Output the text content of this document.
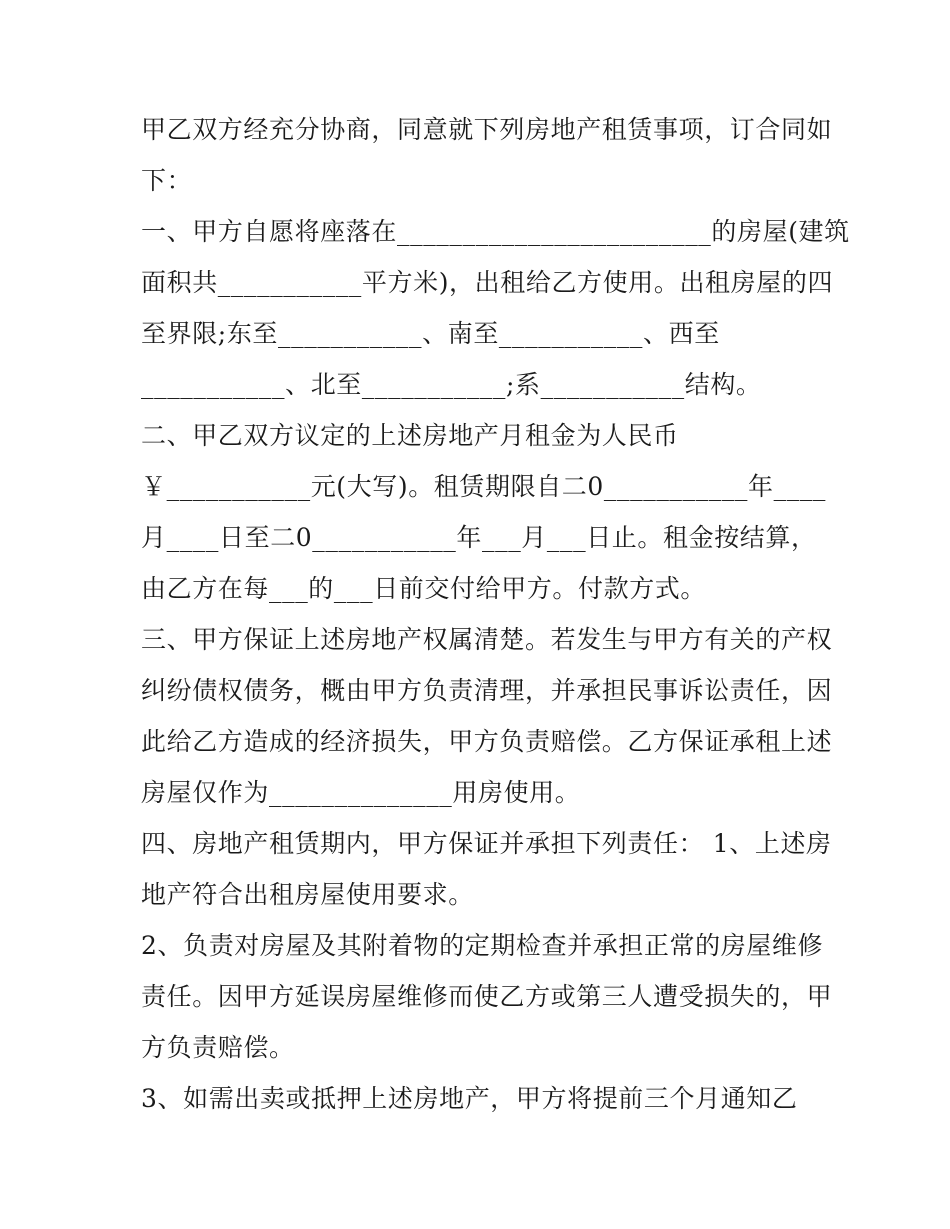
甲乙双方经充分协商，同意就下列房地产租赁事项，订合同如
下：
一、甲方自愿将座落在________________________的房屋(建筑
面积共___________平方米)，出租给乙方使用。出租房屋的四
至界限;东至___________、南至___________、西至
___________、北至___________;系___________结构。
二、甲乙双方议定的上述房地产月租金为人民币
￥___________元(大写)。租赁期限自二0___________年____
月____日至二0___________年___月___日止。租金按结算，
由乙方在每___的___日前交付给甲方。付款方式。
三、甲方保证上述房地产权属清楚。若发生与甲方有关的产权
纠纷债权债务，概由甲方负责清理，并承担民事诉讼责任，因
此给乙方造成的经济损失，甲方负责赔偿。乙方保证承租上述
房屋仅作为______________用房使用。
四、房地产租赁期内，甲方保证并承担下列责任： 1、上述房
地产符合出租房屋使用要求。
2、负责对房屋及其附着物的定期检查并承担正常的房屋维修
责任。因甲方延误房屋维修而使乙方或第三人遭受损失的，甲
方负责赔偿。
3、如需出卖或抵押上述房地产，甲方将提前三个月通知乙
